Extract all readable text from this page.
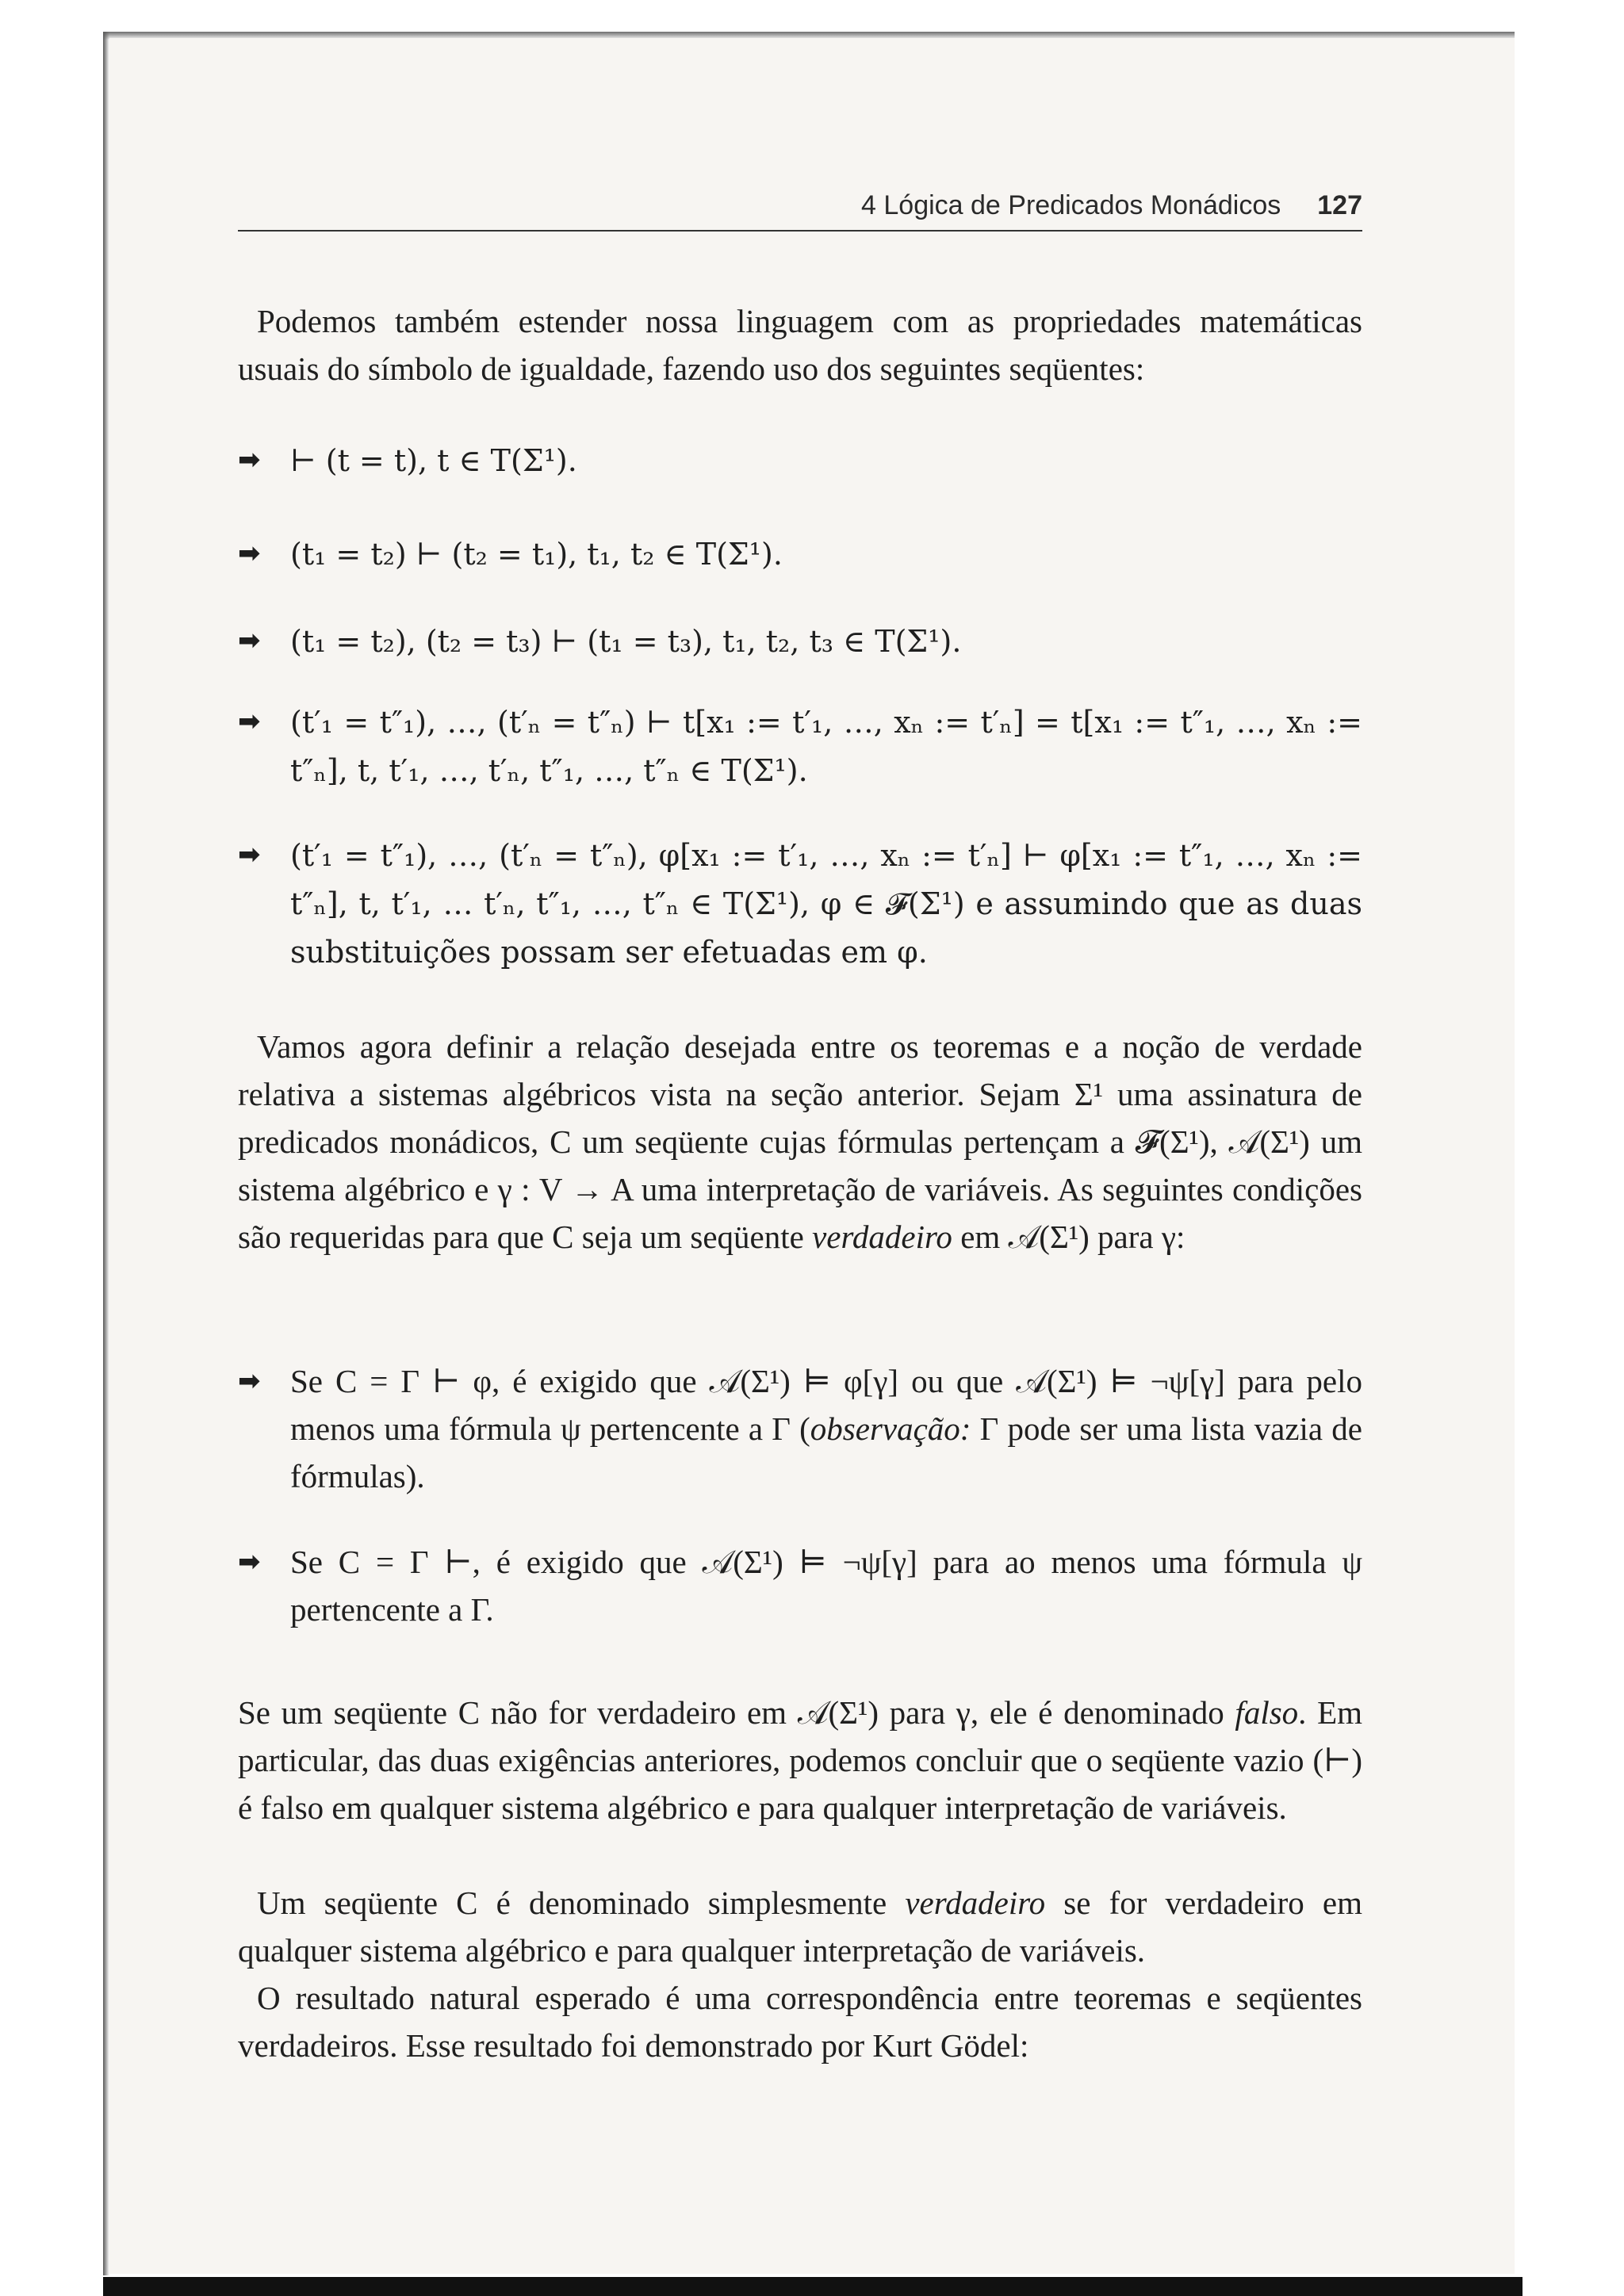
4 Lógica de Predicados Monádicos 127

Podemos também estender nossa linguagem com as propriedades matemáticas usuais do símbolo de igualdade, fazendo uso dos seguintes seqüentes:

➡ ⊢ (t = t), t ∈ T(Σ¹).
➡ (t₁ = t₂) ⊢ (t₂ = t₁), t₁, t₂ ∈ T(Σ¹).
➡ (t₁ = t₂), (t₂ = t₃) ⊢ (t₁ = t₃), t₁, t₂, t₃ ∈ T(Σ¹).
➡ (t′₁ = t″₁), …, (t′ₙ = t″ₙ) ⊢ t[x₁ := t′₁, …, xₙ := t′ₙ] = t[x₁ := t″₁, …, xₙ := t″ₙ], t, t′₁, …, t′ₙ, t″₁, …, t″ₙ ∈ T(Σ¹).
➡ (t′₁ = t″₁), …, (t′ₙ = t″ₙ), φ[x₁ := t′₁, …, xₙ := t′ₙ] ⊢ φ[x₁ := t″₁, …, xₙ := t″ₙ], t, t′₁, … t′ₙ, t″₁, …, t″ₙ ∈ T(Σ¹), φ ∈ 𝓕(Σ¹) e assumindo que as duas substituições possam ser efetuadas em φ.

Vamos agora definir a relação desejada entre os teoremas e a noção de verdade relativa a sistemas algébricos vista na seção anterior. Sejam Σ¹ uma assinatura de predicados monádicos, C um seqüente cujas fórmulas pertençam a 𝓕(Σ¹), 𝒜(Σ¹) um sistema algébrico e γ : V → A uma interpretação de variáveis. As seguintes condições são requeridas para que C seja um seqüente verdadeiro em 𝒜(Σ¹) para γ:

➡ Se C = Γ ⊢ φ, é exigido que 𝒜(Σ¹) ⊨ φ[γ] ou que 𝒜(Σ¹) ⊨ ¬ψ[γ] para pelo menos uma fórmula ψ pertencente a Γ (observação: Γ pode ser uma lista vazia de fórmulas).
➡ Se C = Γ ⊢, é exigido que 𝒜(Σ¹) ⊨ ¬ψ[γ] para ao menos uma fórmula ψ pertencente a Γ.

Se um seqüente C não for verdadeiro em 𝒜(Σ¹) para γ, ele é denominado falso. Em particular, das duas exigências anteriores, podemos concluir que o seqüente vazio (⊢) é falso em qualquer sistema algébrico e para qualquer interpretação de variáveis.

Um seqüente C é denominado simplesmente verdadeiro se for verdadeiro em qualquer sistema algébrico e para qualquer interpretação de variáveis.

O resultado natural esperado é uma correspondência entre teoremas e seqüentes verdadeiros. Esse resultado foi demonstrado por Kurt Gödel:
